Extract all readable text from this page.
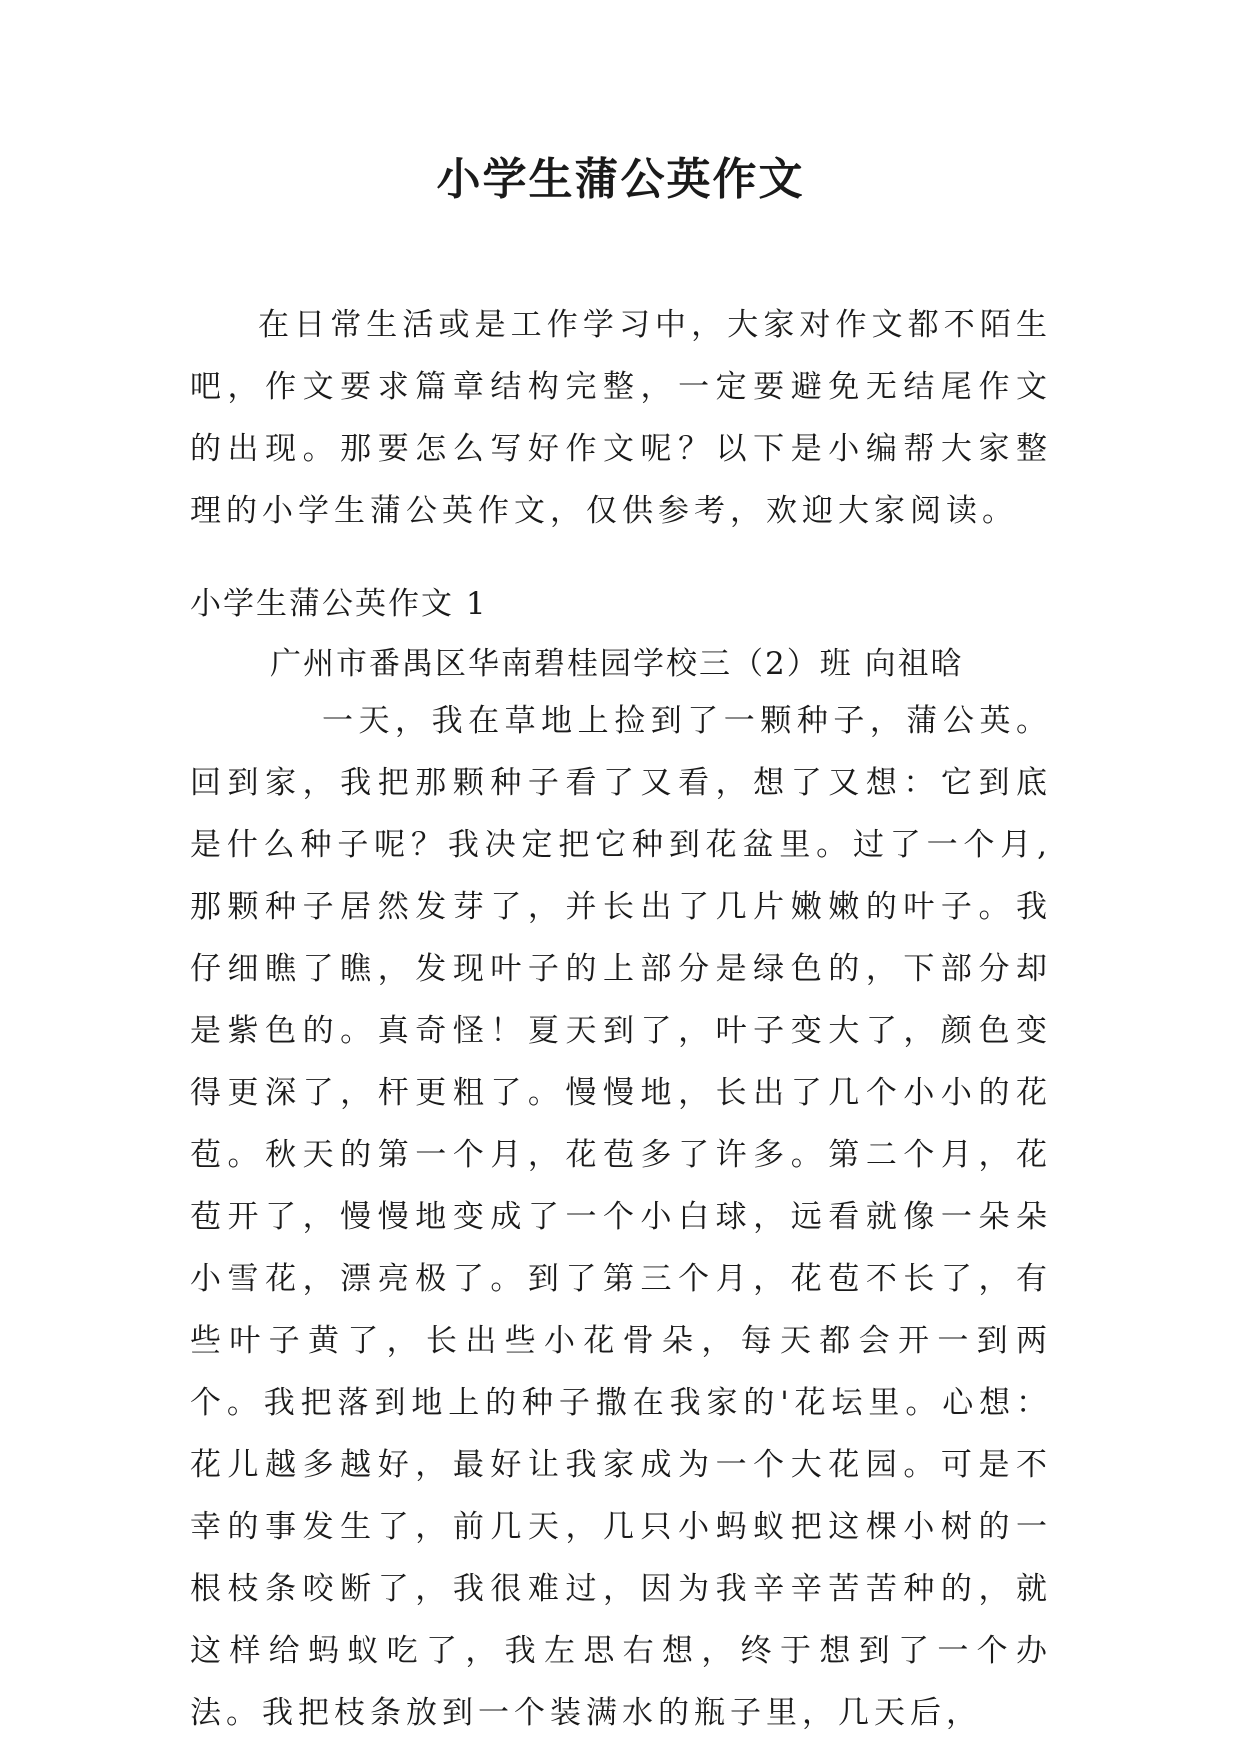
小学生蒲公英作文
在日常生活或是工作学习中，大家对作文都不陌生吧，作文要求篇章结构完整，一定要避免无结尾作文的出现。那要怎么写好作文呢？以下是小编帮大家整理的小学生蒲公英作文，仅供参考，欢迎大家阅读。
小学生蒲公英作文 1
广州市番禺区华南碧桂园学校三（2）班 向祖晗
一天，我在草地上捡到了一颗种子，蒲公英。回到家，我把那颗种子看了又看，想了又想：它到底是什么种子呢？我决定把它种到花盆里。过了一个月,那颗种子居然发芽了，并长出了几片嫩嫩的叶子。我仔细瞧了瞧，发现叶子的上部分是绿色的，下部分却是紫色的。真奇怪！夏天到了，叶子变大了，颜色变得更深了，杆更粗了。慢慢地，长出了几个小小的花苞。秋天的第一个月，花苞多了许多。第二个月，花苞开了，慢慢地变成了一个小白球，远看就像一朵朵小雪花，漂亮极了。到了第三个月，花苞不长了，有些叶子黄了，长出些小花骨朵，每天都会开一到两个。我把落到地上的种子撒在我家的'花坛里。心想：花儿越多越好，最好让我家成为一个大花园。可是不幸的事发生了，前几天，几只小蚂蚁把这棵小树的一根枝条咬断了，我很难过，因为我辛辛苦苦种的，就这样给蚂蚁吃了，我左思右想，终于想到了一个办法。我把枝条放到一个装满水的瓶子里，几天后，
